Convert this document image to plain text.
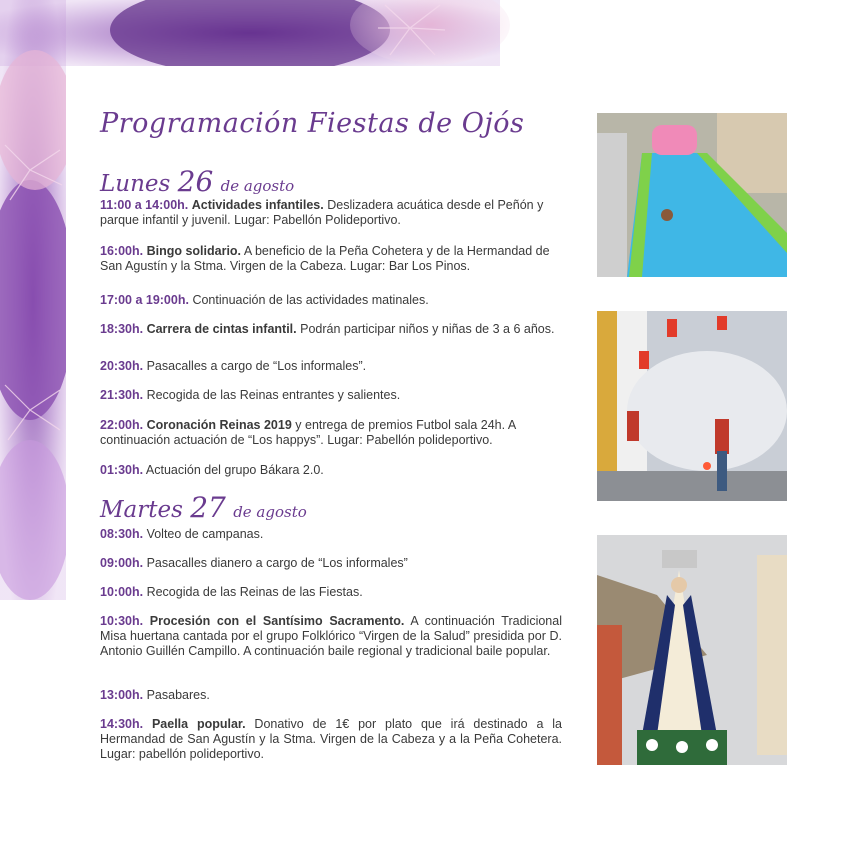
Programación Fiestas de Ojós
Lunes 26 de agosto
11:00 a 14:00h. Actividades infantiles. Deslizadera acuática desde el Peñón y parque infantil y juvenil. Lugar: Pabellón Polideportivo.
16:00h. Bingo solidario. A beneficio de la Peña Cohetera y de la Hermandad de San Agustín y la Stma. Virgen de la Cabeza. Lugar: Bar Los Pinos.
17:00 a 19:00h. Continuación de las actividades matinales.
18:30h. Carrera de cintas infantil. Podrán participar niños y niñas de 3 a 6 años.
20:30h. Pasacalles a cargo de “Los informales”.
21:30h. Recogida de las Reinas entrantes y salientes.
22:00h. Coronación Reinas 2019 y entrega de premios Futbol sala 24h. A continuación actuación de “Los happys”. Lugar: Pabellón polideportivo.
01:30h. Actuación del grupo Bákara 2.0.
Martes 27 de agosto
08:30h. Volteo de campanas.
09:00h. Pasacalles dianero a cargo de “Los informales”
10:00h. Recogida de las Reinas de las Fiestas.
10:30h. Procesión con el Santísimo Sacramento. A continuación Tradicional Misa huertana cantada por el grupo Folklórico “Virgen de la Salud” presidida por D. Antonio Guillén Campillo. A continuación baile regional y tradicional baile popular.
13:00h. Pasabares.
14:30h. Paella popular. Donativo de 1€ por plato que irá destinado a la Hermandad de San Agustín y la Stma. Virgen de la Cabeza y a la Peña Cohetera. Lugar: pabellón polideportivo.
